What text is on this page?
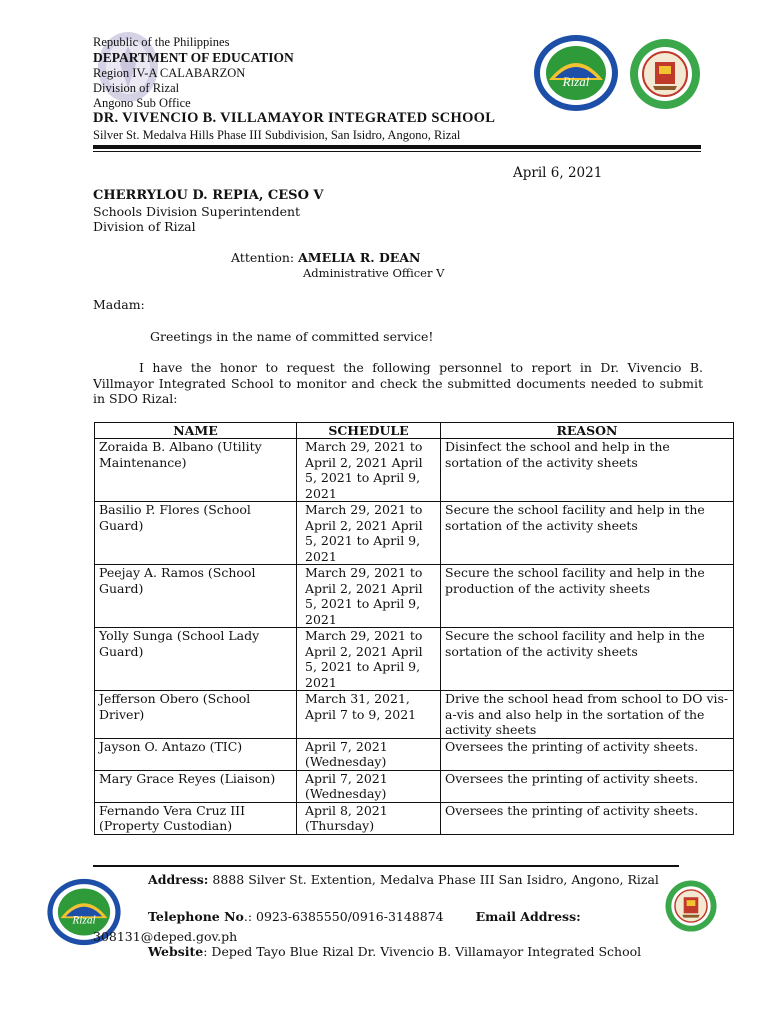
Republic of the Philippines
DEPARTMENT OF EDUCATION
Region IV-A CALABARZON
Division of Rizal
Angono Sub Office
DR. VIVENCIO B. VILLAMAYOR INTEGRATED SCHOOL
Silver St. Medalva Hills Phase III Subdivision, San Isidro, Angono, Rizal
Rizal
April 6, 2021
CHERRYLOU D. REPIA, CESO V
Schools Division Superintendent
Division of Rizal
Attention: AMELIA R. DEAN
Administrative Officer V
Madam:
Greetings in the name of committed service!
I have the honor to request the following personnel to report in Dr. Vivencio B. Villmayor Integrated School to monitor and check the submitted documents needed to submit in SDO Rizal:
NAME	SCHEDULE	REASON
Zoraida B. Albano (Utility Maintenance)	March 29, 2021 to April 2, 2021 April 5, 2021 to April 9, 2021	Disinfect the school and help in the sortation of the activity sheets
Basilio P. Flores (School Guard)	March 29, 2021 to April 2, 2021 April 5, 2021 to April 9, 2021	Secure the school facility and help in the sortation of the activity sheets
Peejay A. Ramos (School Guard)	March 29, 2021 to April 2, 2021 April 5, 2021 to April 9, 2021	Secure the school facility and help in the production of the activity sheets
Yolly Sunga (School Lady Guard)	March 29, 2021 to April 2, 2021 April 5, 2021 to April 9, 2021	Secure the school facility and help in the sortation of the activity sheets
Jefferson Obero (School Driver)	March 31, 2021, April 7 to 9, 2021	Drive the school head from school to DO vis-a-vis and also help in the sortation of the activity sheets
Jayson O. Antazo (TIC)	April 7, 2021 (Wednesday)	Oversees the printing of activity sheets.
Mary Grace Reyes (Liaison)	April 7, 2021 (Wednesday)	Oversees the printing of activity sheets.
Fernando Vera Cruz III (Property Custodian)	April 8, 2021 (Thursday)	Oversees the printing of activity sheets.
Rizal
Address: 8888 Silver St. Extention, Medalva Phase III San Isidro, Angono, Rizal
Telephone No.: 0923-6385550/0916-3148874	Email Address: 308131@deped.gov.ph
Website: Deped Tayo Blue Rizal Dr. Vivencio B. Villamayor Integrated School
